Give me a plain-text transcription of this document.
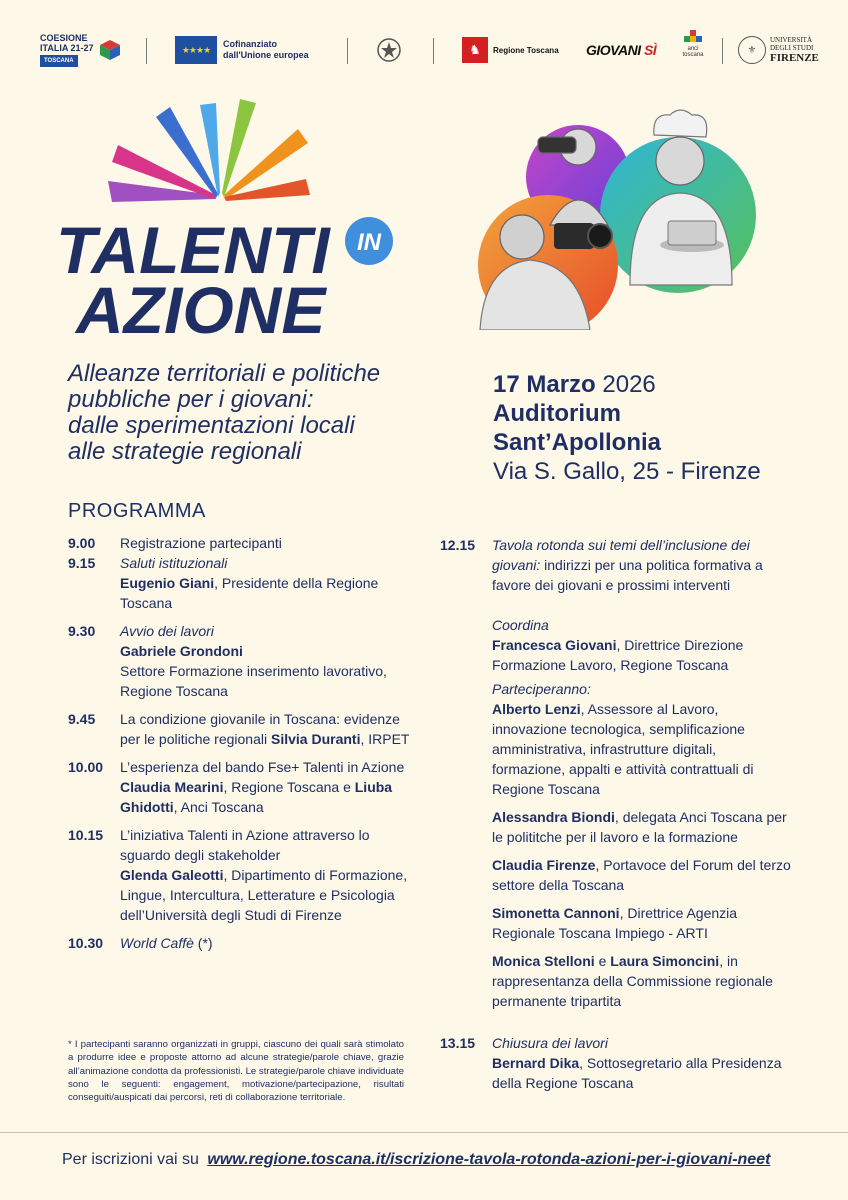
COESIONE
ITALIA 21-27
TOSCANA
★★★★
Cofinanziato
dall'Unione europea	♞	Regione Toscana GIOVANI
SÌ	anci
toscana	⚜
UNIVERSITÀ
DEGLI STUDI
FIRENZE
TALENTI IN
AZIONE
Alleanze territoriali e politiche
pubbliche per i giovani:
dalle sperimentazioni locali
alle strategie regionali
17 Marzo 2026
Auditorium
Sant’Apollonia
Via S. Gallo, 25 - Firenze
PROGRAMMA
9.00	Registrazione partecipanti
9.15	Saluti istituzionali
Eugenio Giani, Presidente della Regione Toscana
9.30	Avvio dei lavori
Gabriele Grondoni
Settore Formazione inserimento lavorativo, Regione Toscana
9.45	La condizione giovanile in Toscana: evidenze per le politiche regionali Silvia Duranti, IRPET
10.00	L’esperienza del bando Fse+ Talenti in Azione
Claudia Mearini, Regione Toscana e Liuba Ghidotti, Anci Toscana
10.15	L’iniziativa Talenti in Azione attraverso lo sguardo degli stakeholder
Glenda Galeotti, Dipartimento di Formazione, Lingue, Intercultura, Letterature e Psicologia dell’Università degli Studi di Firenze
10.30	World Caffè (*)
* I partecipanti saranno organizzati in gruppi, ciascuno dei quali sarà stimolato a produrre idee e proposte attorno ad alcune strategie/parole chiave, grazie all’animazione condotta da professionisti. Le strategie/parole chiave individuate sono le seguenti: engagement, motivazione/partecipazione, risultati conseguiti/auspicati dai percorsi, reti di collaborazione territoriale.
12.15	Tavola rotonda sui temi dell’inclusione dei giovani: indirizzi per una politica formativa a favore dei giovani e prossimi interventi
Coordina
Francesca Giovani, Direttrice Direzione Formazione Lavoro, Regione Toscana
Parteciperanno:
Alberto Lenzi, Assessore al Lavoro, innovazione tecnologica, semplificazione amministrativa, infrastrutture digitali, formazione, appalti e attività contrattuali di Regione Toscana
Alessandra Biondi, delegata Anci Toscana per le polititche per il lavoro e la formazione
Claudia Firenze, Portavoce del Forum del terzo settore della Toscana
Simonetta Cannoni, Direttrice Agenzia Regionale Toscana Impiego - ARTI
Monica Stelloni e Laura Simoncini, in rappresentanza della Commissione regionale permanente tripartita
13.15	Chiusura dei lavori
Bernard Dika, Sottosegretario alla Presidenza della Regione Toscana
Per iscrizioni vai su www.regione.toscana.it/iscrizione-tavola-rotonda-azioni-per-i-giovani-neet
